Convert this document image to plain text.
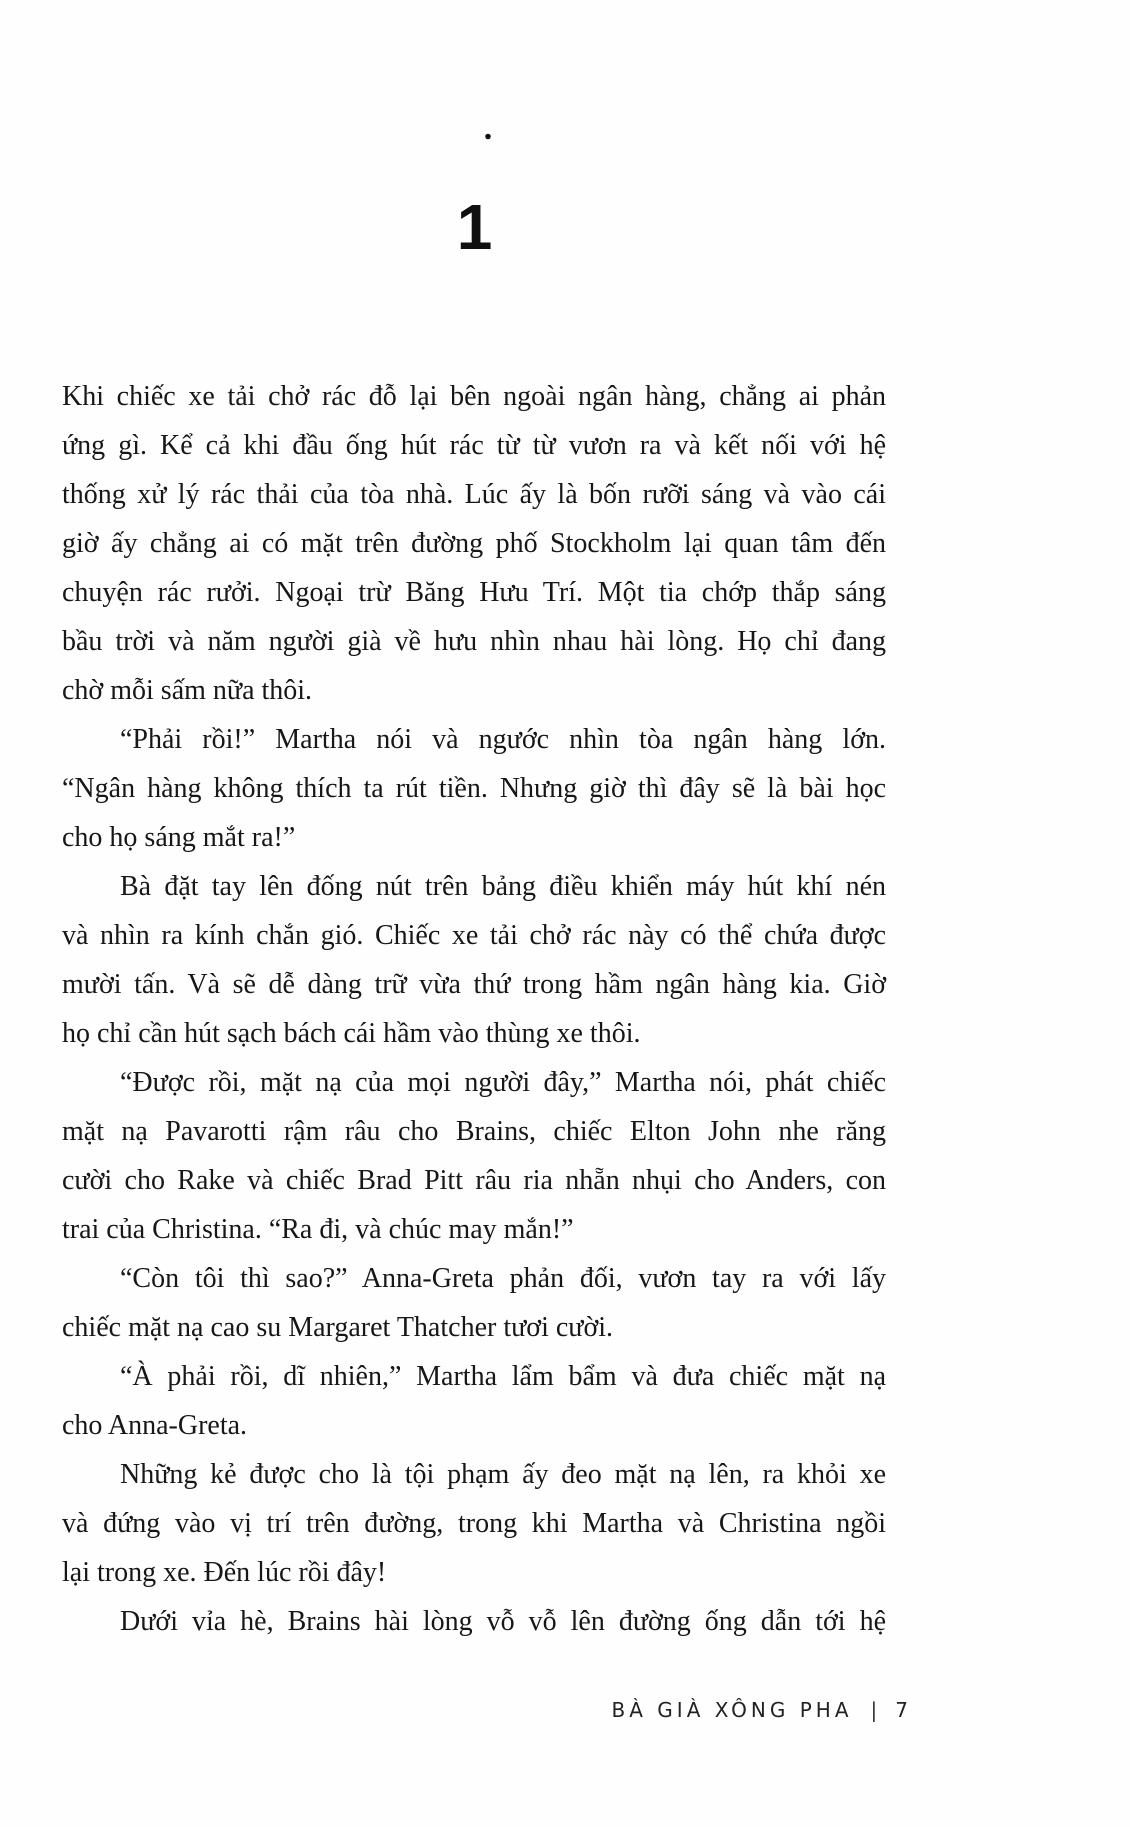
.
1

Khi chiếc xe tải chở rác đỗ lại bên ngoài ngân hàng, chẳng ai phản
ứng gì. Kể cả khi đầu ống hút rác từ từ vươn ra và kết nối với hệ
thống xử lý rác thải của tòa nhà. Lúc ấy là bốn rưỡi sáng và vào cái
giờ ấy chẳng ai có mặt trên đường phố Stockholm lại quan tâm đến
chuyện rác rưởi. Ngoại trừ Băng Hưu Trí. Một tia chớp thắp sáng
bầu trời và năm người già về hưu nhìn nhau hài lòng. Họ chỉ đang
chờ mỗi sấm nữa thôi.

“Phải rồi!” Martha nói và ngước nhìn tòa ngân hàng lớn.
“Ngân hàng không thích ta rút tiền. Nhưng giờ thì đây sẽ là bài học
cho họ sáng mắt ra!”

Bà đặt tay lên đống nút trên bảng điều khiển máy hút khí nén
và nhìn ra kính chắn gió. Chiếc xe tải chở rác này có thể chứa được
mười tấn. Và sẽ dễ dàng trữ vừa thứ trong hầm ngân hàng kia. Giờ
họ chỉ cần hút sạch bách cái hầm vào thùng xe thôi.

“Được rồi, mặt nạ của mọi người đây,” Martha nói, phát chiếc
mặt nạ Pavarotti rậm râu cho Brains, chiếc Elton John nhe răng
cười cho Rake và chiếc Brad Pitt râu ria nhẵn nhụi cho Anders, con
trai của Christina. “Ra đi, và chúc may mắn!”

“Còn tôi thì sao?” Anna-Greta phản đối, vươn tay ra với lấy
chiếc mặt nạ cao su Margaret Thatcher tươi cười.

“À phải rồi, dĩ nhiên,” Martha lẩm bẩm và đưa chiếc mặt nạ
cho Anna-Greta.

Những kẻ được cho là tội phạm ấy đeo mặt nạ lên, ra khỏi xe
và đứng vào vị trí trên đường, trong khi Martha và Christina ngồi
lại trong xe. Đến lúc rồi đây!

Dưới vỉa hè, Brains hài lòng vỗ vỗ lên đường ống dẫn tới hệ

BÀ GIÀ XÔNG PHA | 7
